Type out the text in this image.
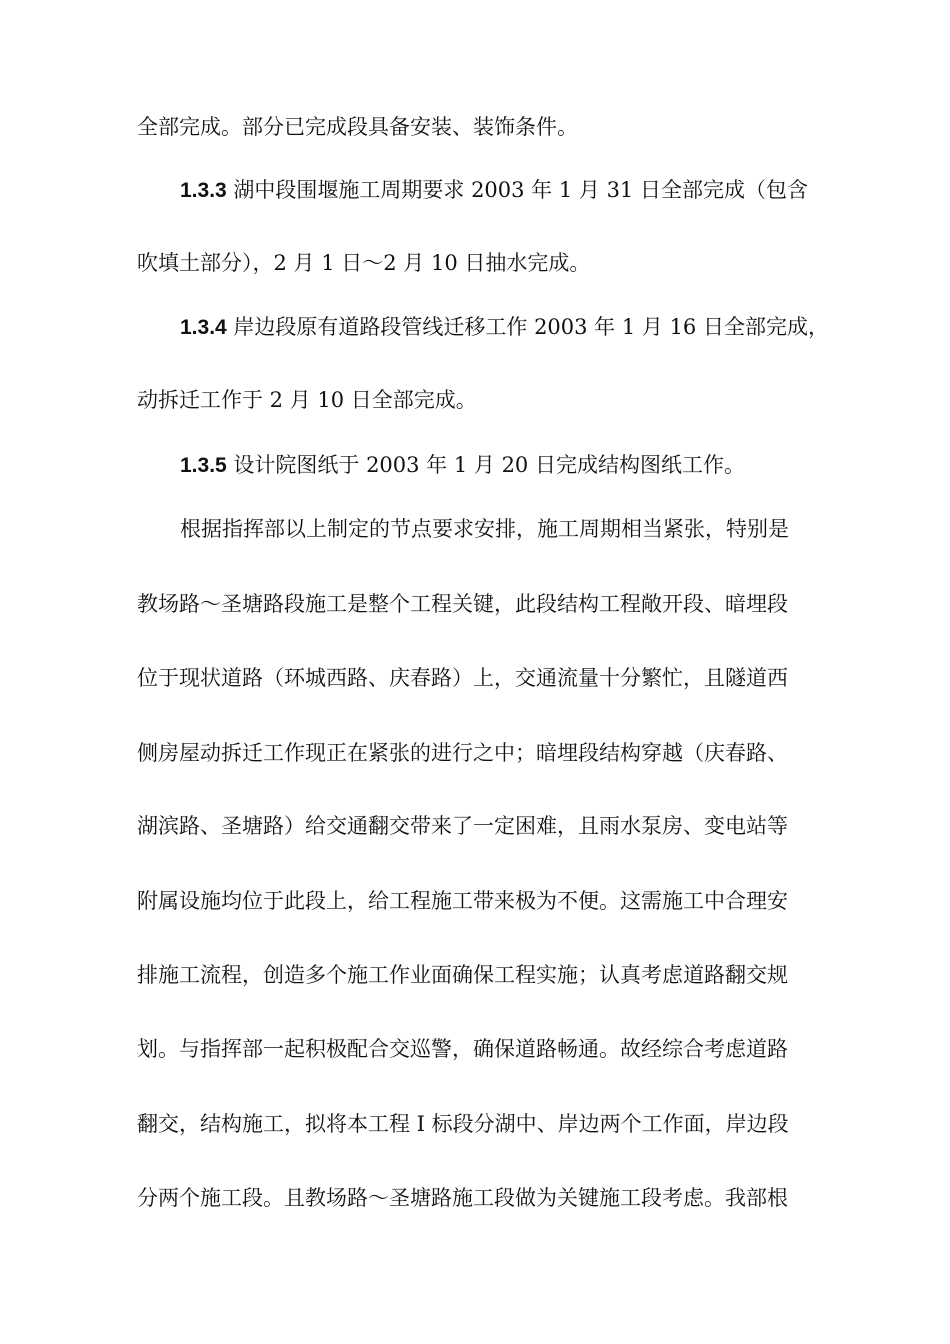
全部完成。部分已完成段具备安装、装饰条件。
1.3.3 湖中段围堰施工周期要求 2003 年 1 月 31 日全部完成（包含
吹填土部分），2 月 1 日～2 月 10 日抽水完成。
1.3.4 岸边段原有道路段管线迁移工作 2003 年 1 月 16 日全部完成，
动拆迁工作于 2 月 10 日全部完成。
1.3.5 设计院图纸于 2003 年 1 月 20 日完成结构图纸工作。
根据指挥部以上制定的节点要求安排，施工周期相当紧张，特别是
教场路～圣塘路段施工是整个工程关键，此段结构工程敞开段、暗埋段
位于现状道路（环城西路、庆春路）上，交通流量十分繁忙，且隧道西
侧房屋动拆迁工作现正在紧张的进行之中；暗埋段结构穿越（庆春路、
湖滨路、圣塘路）给交通翻交带来了一定困难，且雨水泵房、变电站等
附属设施均位于此段上，给工程施工带来极为不便。这需施工中合理安
排施工流程，创造多个施工作业面确保工程实施；认真考虑道路翻交规
划。与指挥部一起积极配合交巡警，确保道路畅通。故经综合考虑道路
翻交，结构施工，拟将本工程 I 标段分湖中、岸边两个工作面，岸边段
分两个施工段。且教场路～圣塘路施工段做为关键施工段考虑。我部根
